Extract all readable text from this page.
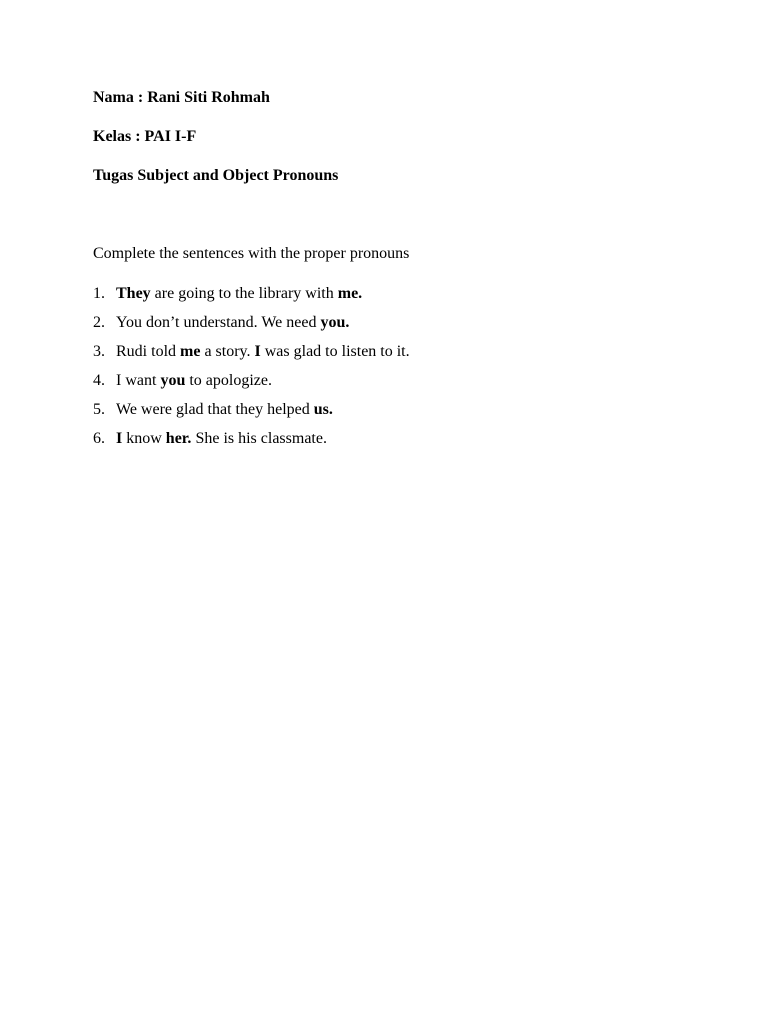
Nama : Rani Siti Rohmah
Kelas : PAI I-F
Tugas Subject and Object Pronouns
Complete the sentences with the proper pronouns
1. They are going to the library with me.
2. You don’t understand. We need you.
3. Rudi told me a story. I was glad to listen to it.
4. I want you to apologize.
5. We were glad that they helped us.
6. I know her. She is his classmate.
